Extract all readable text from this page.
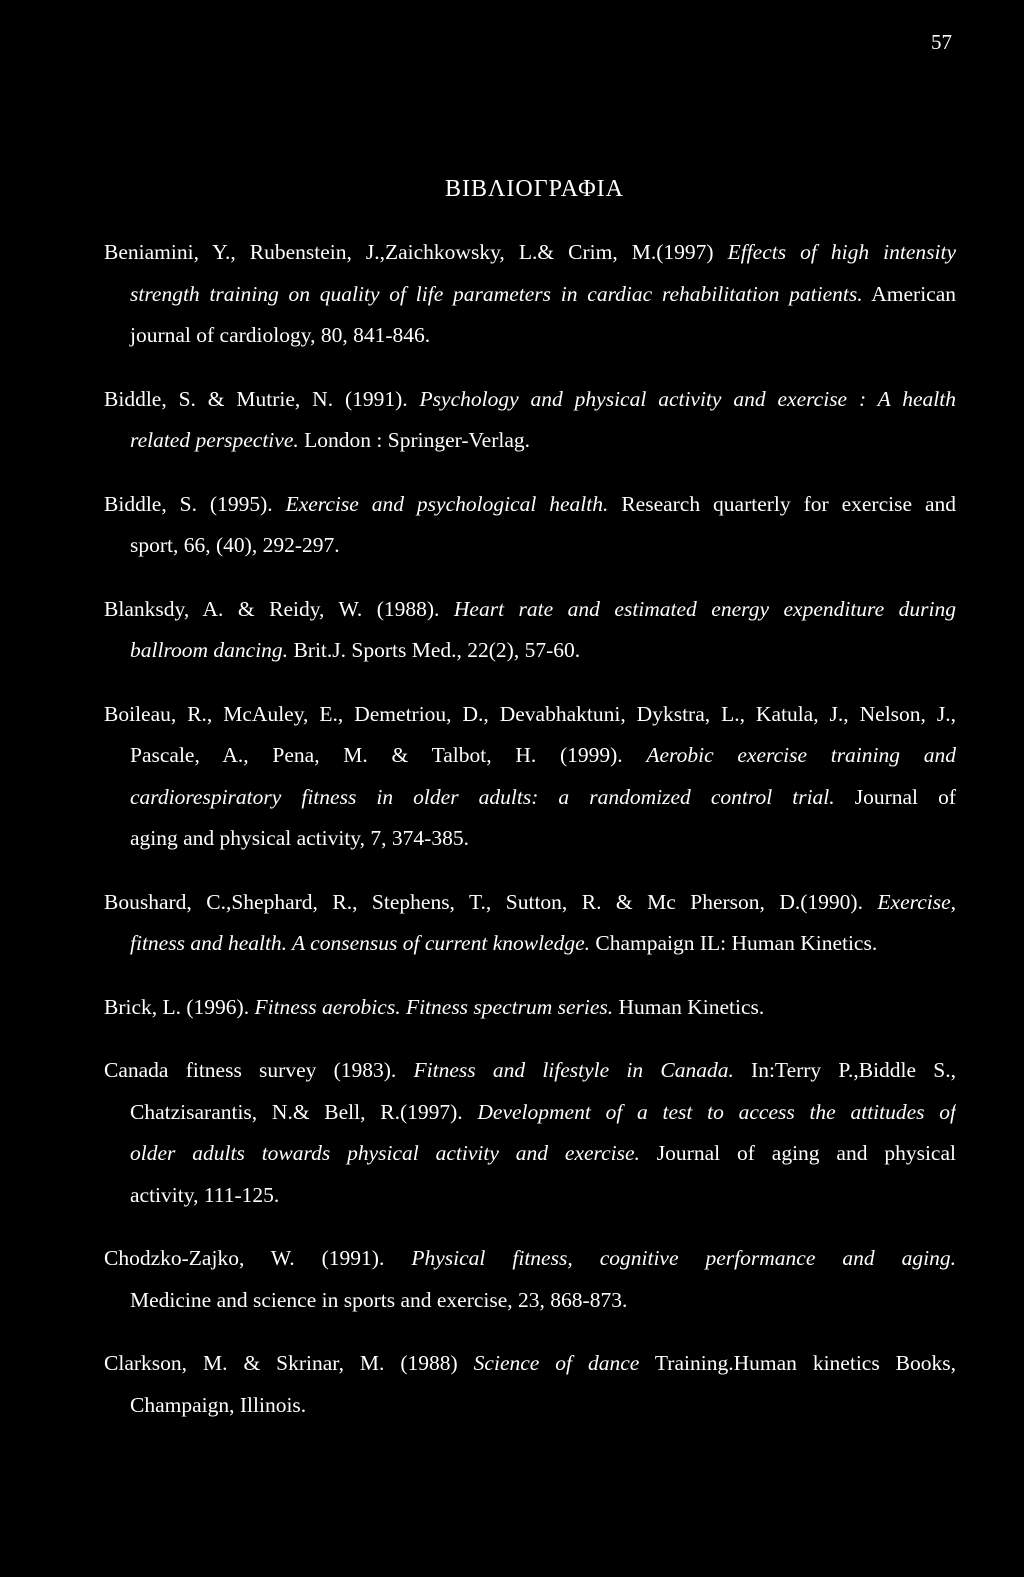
57
ΒΙΒΛΙΟΓΡΑΦΙΑ
Beniamini, Y., Rubenstein, J.,Zaichkowsky, L.& Crim, M.(1997) Effects of high intensity
strength training on quality of life parameters in cardiac rehabilitation patients. American
journal of cardiology, 80, 841-846.
Biddle, S. & Mutrie, N. (1991). Psychology and physical activity and exercise : A health
related perspective. London : Springer-Verlag.
Biddle, S. (1995). Exercise and psychological health. Research quarterly for exercise and
sport, 66, (40), 292-297.
Blanksdy, A. & Reidy, W. (1988). Heart rate and estimated energy expenditure during
ballroom dancing. Brit.J. Sports Med., 22(2), 57-60.
Boileau, R., McAuley, E., Demetriou, D., Devabhaktuni, Dykstra, L., Katula, J., Nelson, J.,
Pascale, A., Pena, M. & Talbot, H. (1999). Aerobic exercise training and
cardiorespiratory fitness in older adults: a randomized control trial. Journal of
aging and physical activity, 7, 374-385.
Boushard, C.,Shephard, R., Stephens, T., Sutton, R. & Mc Pherson, D.(1990). Exercise,
fitness and health. A consensus of current knowledge. Champaign IL: Human Kinetics.
Brick, L. (1996). Fitness aerobics. Fitness spectrum series. Human Kinetics.
Canada fitness survey (1983). Fitness and lifestyle in Canada. In:Terry P.,Biddle S.,
Chatzisarantis, N.& Bell, R.(1997). Development of a test to access the attitudes of
older adults towards physical activity and exercise. Journal of aging and physical
activity, 111-125.
Chodzko-Zajko, W. (1991). Physical fitness, cognitive performance and aging.
Medicine and science in sports and exercise, 23, 868-873.
Clarkson, M. & Skrinar, M. (1988) Science of dance Training.Human kinetics Books,
Champaign, Illinois.
